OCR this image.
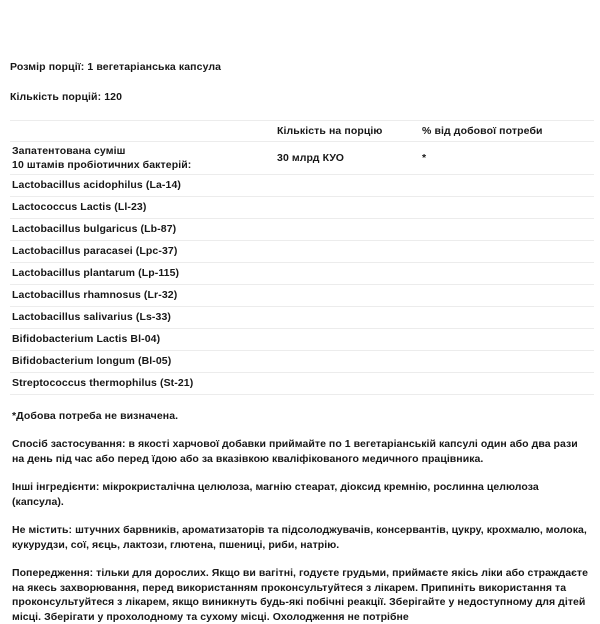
Розмір порції: 1 вегетаріанська капсула

Кількість порцій: 120

	Кількість на порцію	% від добової потреби

Запатентована суміш
10 штамів пробіотичних бактерій:	30 млрд КУО	*
Lactobacillus acidophilus (La-14)		
Lactococcus Lactis (Ll-23)		
Lactobacillus bulgaricus (Lb-87)		
Lactobacillus paracasei (Lpc-37)		
Lactobacillus plantarum (Lp-115)		
Lactobacillus rhamnosus (Lr-32)		
Lactobacillus salivarius (Ls-33)		
Bifidobacterium Lactis Bl-04)		
Bifidobacterium longum (Bl-05)		
Streptococcus thermophilus (St-21)		

*Добова потреба не визначена.

Спосіб застосування: в якості харчової добавки приймайте по 1 вегетаріанській капсулі один або два рази на день під час або перед їдою або за вказівкою кваліфікованого медичного працівника.

Інші інгредієнти: мікрокристалічна целюлоза, магнію стеарат, діоксид кремнію, рослинна целюлоза (капсула).

Не містить: штучних барвників, ароматизаторів та підсолоджувачів, консервантів, цукру, крохмалю, молока, кукурудзи, сої, яєць, лактози, глютена, пшениці, риби, натрію.

Попередження: тільки для дорослих. Якщо ви вагітні, годуєте грудьми, приймаєте якісь ліки або страждаєте на якесь захворювання, перед використанням проконсультуйтеся з лікарем. Припиніть використання та проконсультуйтеся з лікарем, якщо виникнуть будь-які побічні реакції. Зберігайте у недоступному для дітей місці. Зберігати у прохолодному та сухому місці. Охолодження не потрібне
